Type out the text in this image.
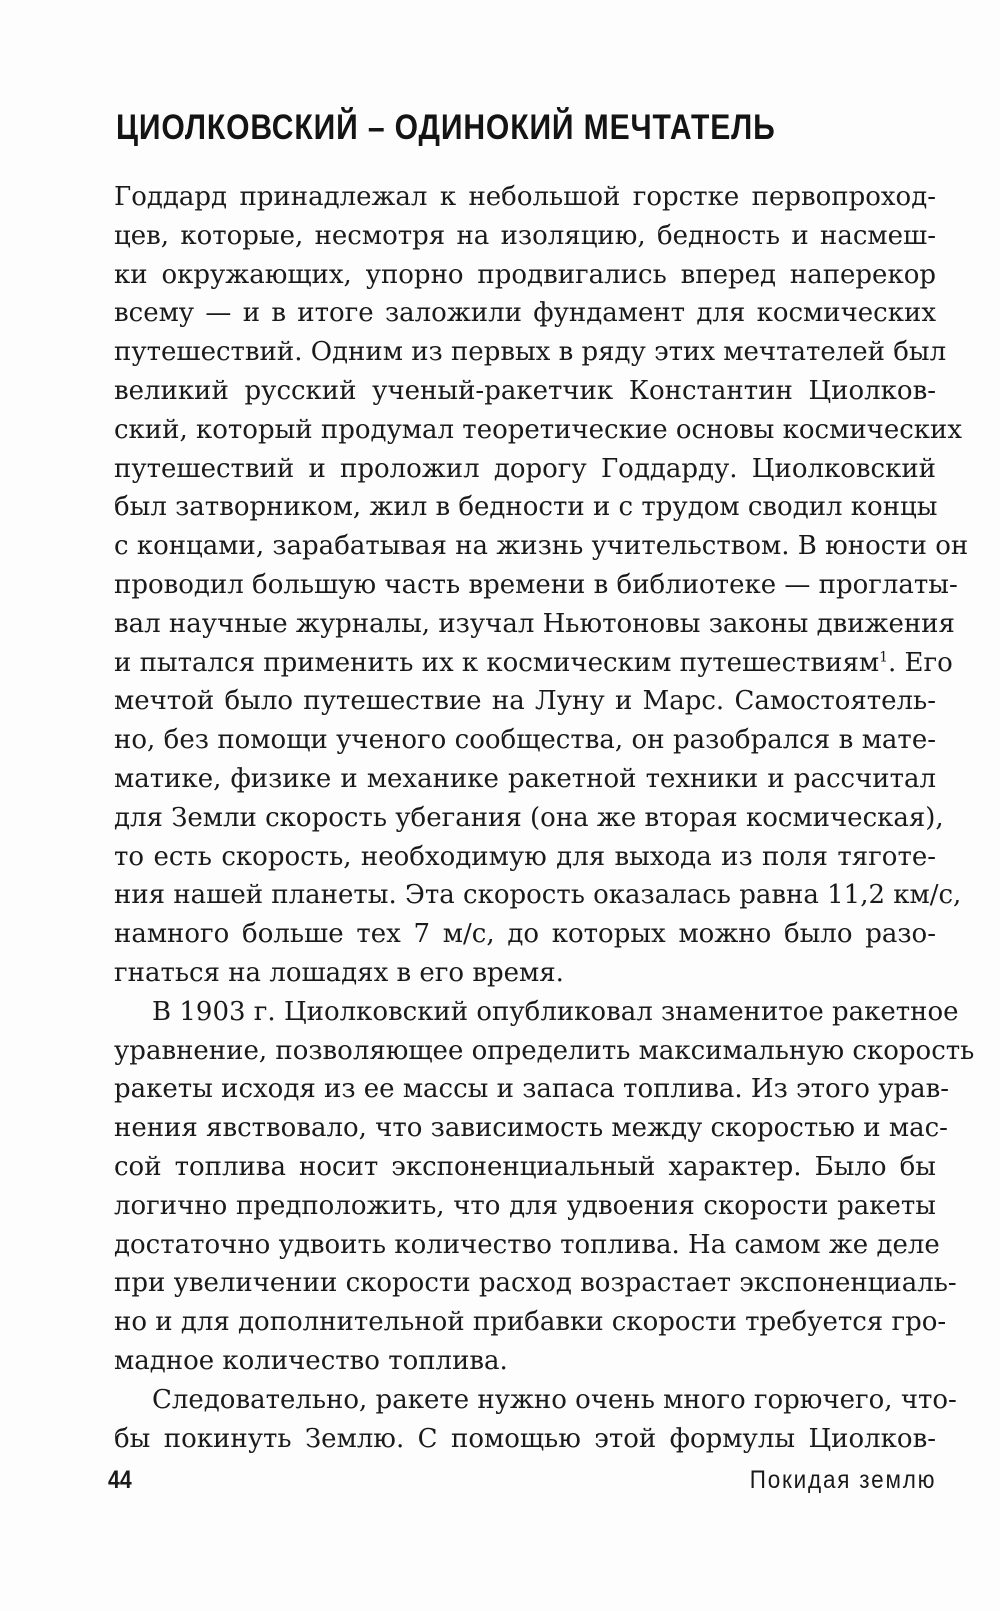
ЦИОЛКОВСКИЙ – ОДИНОКИЙ МЕЧТАТЕЛЬ
Годдард принадлежал к небольшой горстке первопроход-
цев, которые, несмотря на изоляцию, бедность и насмеш-
ки окружающих, упорно продвигались вперед наперекор
всему — и в итоге заложили фундамент для космических
путешествий. Одним из первых в ряду этих мечтателей был
великий русский ученый-ракетчик Константин Циолков-
ский, который продумал теоретические основы космических
путешествий и проложил дорогу Годдарду. Циолковский
был затворником, жил в бедности и с трудом сводил концы
с концами, зарабатывая на жизнь учительством. В юности он
проводил большую часть времени в библиотеке — проглаты-
вал научные журналы, изучал Ньютоновы законы движения
и пытался применить их к космическим путешествиям$^1$. Его
мечтой было путешествие на Луну и Марс. Самостоятель-
но, без помощи ученого сообщества, он разобрался в мате-
матике, физике и механике ракетной техники и рассчитал
для Земли скорость убегания (она же вторая космическая),
то есть скорость, необходимую для выхода из поля тяготе-
ния нашей планеты. Эта скорость оказалась равна 11,2 км/с,
намного больше тех 7 м/с, до которых можно было разо-
гнаться на лошадях в его время.
В 1903 г. Циолковский опубликовал знаменитое ракетное
уравнение, позволяющее определить максимальную скорость
ракеты исходя из ее массы и запаса топлива. Из этого урав-
нения явствовало, что зависимость между скоростью и мас-
сой топлива носит экспоненциальный характер. Было бы
логично предположить, что для удвоения скорости ракеты
достаточно удвоить количество топлива. На самом же деле
при увеличении скорости расход возрастает экспоненциаль-
но и для дополнительной прибавки скорости требуется гро-
мадное количество топлива.
Следовательно, ракете нужно очень много горючего, что-
бы покинуть Землю. С помощью этой формулы Циолков-
44	Покидая землю
